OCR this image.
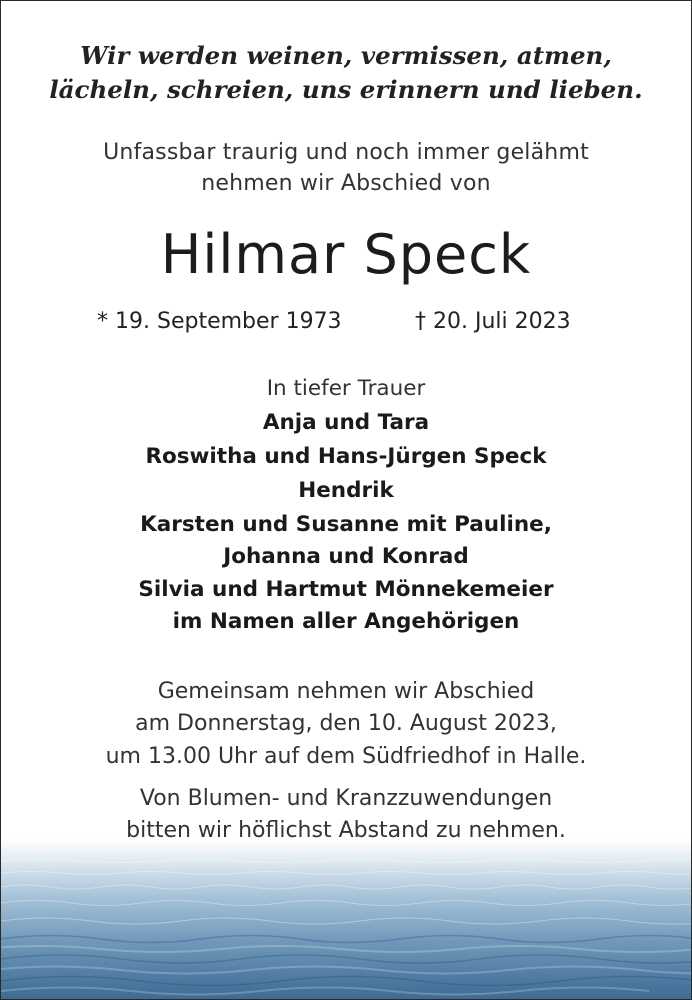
Wir werden weinen, vermissen, atmen,
lächeln, schreien, uns erinnern und lieben.
Unfassbar traurig und noch immer gelähmt
nehmen wir Abschied von
Hilmar Speck
* 19. September 1973	† 20. Juli 2023
In tiefer Trauer
Anja und Tara
Roswitha und Hans-Jürgen Speck
Hendrik
Karsten und Susanne mit Pauline,
Johanna und Konrad
Silvia und Hartmut Mönnekemeier
im Namen aller Angehörigen
Gemeinsam nehmen wir Abschied
am Donnerstag, den 10. August 2023,
um 13.00 Uhr auf dem Südfriedhof in Halle.
Von Blumen- und Kranzzuwendungen
bitten wir höflichst Abstand zu nehmen.
